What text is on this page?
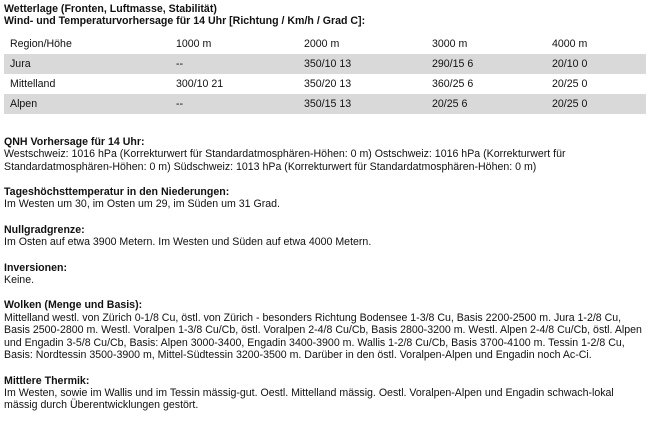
Wetterlage (Fronten, Luftmasse, Stabilität)
Wind- und Temperaturvorhersage für 14 Uhr [Richtung / Km/h / Grad C]:
Region/Höhe	1000 m	2000 m	3000 m	4000 m
Jura	--	350/10 13	290/15 6	20/10 0
Mittelland	300/10 21	350/20 13	360/25 6	20/25 0
Alpen	--	350/15 13	20/25 6	20/25 0
QNH Vorhersage für 14 Uhr:
Westschweiz: 1016 hPa (Korrekturwert für Standardatmosphären-Höhen: 0 m) Ostschweiz: 1016 hPa (Korrekturwert für Standardatmosphären-Höhen: 0 m) Südschweiz: 1013 hPa (Korrekturwert für Standardatmosphären-Höhen: 0 m)
Tageshöchsttemperatur in den Niederungen:
Im Westen um 30, im Osten um 29, im Süden um 31 Grad.
Nullgradgrenze:
Im Osten auf etwa 3900 Metern. Im Westen und Süden auf etwa 4000 Metern.
Inversionen:
Keine.
Wolken (Menge und Basis):
Mittelland westl. von Zürich 0-1/8 Cu, östl. von Zürich - besonders Richtung Bodensee 1-3/8 Cu, Basis 2200-2500 m. Jura 1-2/8 Cu, Basis 2500-2800 m. Westl. Voralpen 1-3/8 Cu/Cb, östl. Voralpen 2-4/8 Cu/Cb, Basis 2800-3200 m. Westl. Alpen 2-4/8 Cu/Cb, östl. Alpen und Engadin 3-5/8 Cu/Cb, Basis: Alpen 3000-3400, Engadin 3400-3900 m. Wallis 1-2/8 Cu/Cb, Basis 3700-4100 m. Tessin 1-2/8 Cu, Basis: Nordtessin 3500-3900 m, Mittel-Südtessin 3200-3500 m. Darüber in den östl. Voralpen-Alpen und Engadin noch Ac-Ci.
Mittlere Thermik:
Im Westen, sowie im Wallis und im Tessin mässig-gut. Oestl. Mittelland mässig. Oestl. Voralpen-Alpen und Engadin schwach-lokal mässig durch Überentwicklungen gestört.
